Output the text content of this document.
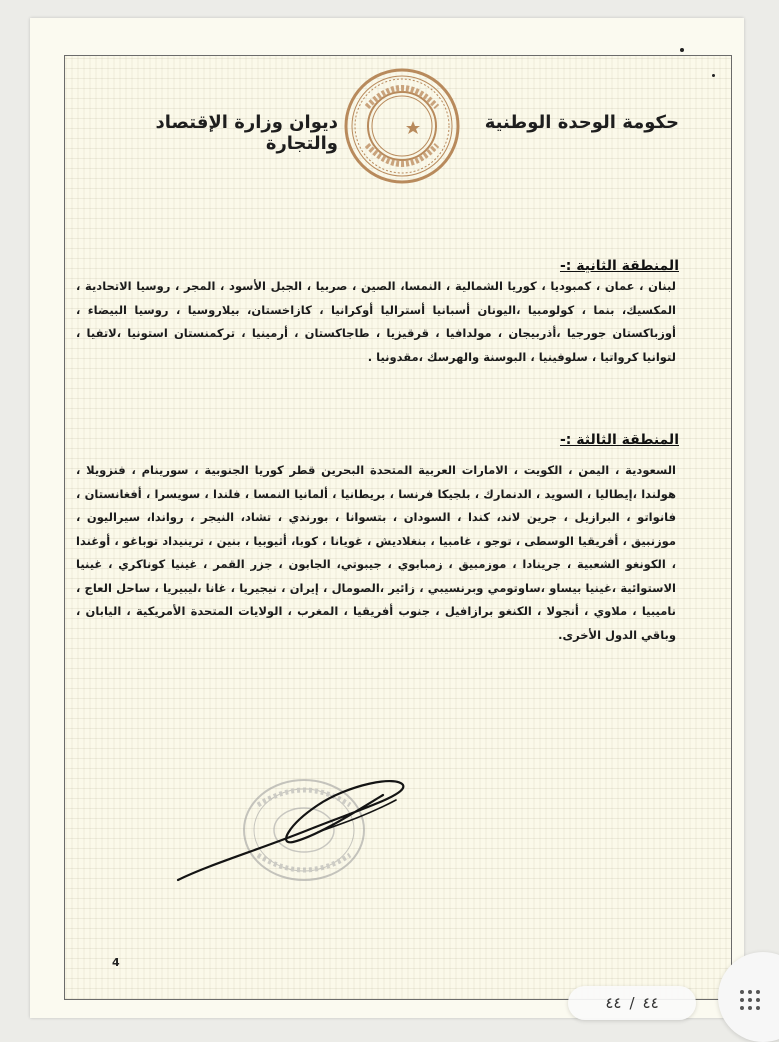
حكومة الوحدة الوطنية
ديوان وزارة الإقتصاد والتجارة
المنطقة الثانية :-
لبنان ، عمان ، كمبوديا ، كوريا الشمالية ، النمسا، الصين ، صربيا ، الجبل الأسود ، المجر ، روسيا الاتحادية ، المكسيك، بنما ، كولومبيا ،اليونان أسبانيا أستراليا أوكرانيا ، كازاخستان، بيلاروسيا ، روسيا البيضاء ، أوزباكستان جورجيا ،أذربيجان ، مولدافيا ، قرقيزيا ، طاجاكستان ، أرمينيا ، تركمنستان استونيا ،لاتفيا ، لتوانيا كرواتيا ، سلوفينيا ، البوسنة والهرسك ،مقدونيا .
المنطقة الثالثة :-
السعودية ، اليمن ، الكويت ، الامارات العربية المتحدة البحرين قطر كوريا الجنوبية ، سورينام ، فنزويلا ، هولندا ،إيطاليا ، السويد ، الدنمارك ، بلجيكا فرنسا ، بريطانيا ، ألمانيا النمسا ، فلندا ، سويسرا ، أفغانستان ، فانواتو ، البرازيل ، جرين لاند، كندا ، السودان ، بتسوانا ، بورندي ، تشاد، النيجر ، رواندا، سيراليون ، موزنبيق ، أفريقيا الوسطى ، توجو ، غامبيا ، بنغلاديش ، غويانا ، كوبا، أثيوبيا ، بنين ، ترينيداد توباغو ، أوغندا ، الكونغو الشعبية ، جرينادا ، موزمبيق ، زمبابوي ، جيبوتي، الجابون ، جزر القمر ، غينيا كوناكري ، غينيا الاستوائية ،غينيا بيساو ،ساوتومي وبرنسيبي ، زائير ،الصومال ، إيران ، نيجيريا ، غانا ،ليبيريا ، ساحل العاج ، ناميبيا ، ملاوي ، أنجولا ، الكنغو برازافيل ، جنوب أفريقيا ، المغرب ، الولايات المتحدة الأمريكية ، اليابان ، وباقي الدول الأخرى.
4
٤٤
/
٤٤
